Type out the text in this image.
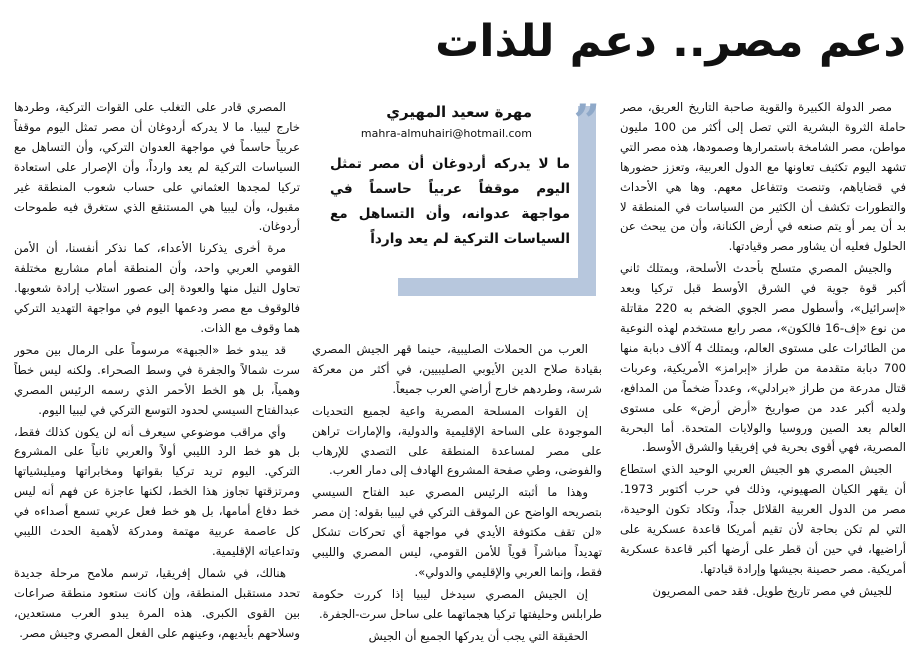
دعم مصر.. دعم للذات

مصر الدولة الكبيرة والقوية صاحبة التاريخ العريق، مصر حاملة الثروة البشرية التي تصل إلى أكثر من 100 مليون مواطن، مصر الشامخة باستمرارها وصمودها، هذه مصر التي تشهد اليوم تكثيف تعاونها مع الدول العربية، وتعزز حضورها في قضاياهم، وتنصت وتتفاعل معهم. وها هي الأحداث والتطورات تكشف أن الكثير من السياسات في المنطقة لا بد أن يمر أو يتم صنعه في أرض الكنانة، وأن من يبحث عن الحلول فعليه أن يشاور مصر وقيادتها.

والجيش المصري متسلح بأحدث الأسلحة، ويمتلك ثاني أكبر قوة جوية في الشرق الأوسط قبل تركيا وبعد «إسرائيل»، وأسطول مصر الجوي الضخم به 220 مقاتلة من نوع «إف-16 فالكون»، مصر رابع مستخدم لهذه النوعية من الطائرات على مستوى العالم، ويمتلك 4 آلاف دبابة منها 700 دبابة متقدمة من طراز «إبرامز» الأمريكية، وعربات قتال مدرعة من طراز «برادلي»، وعدداً ضخماً من المدافع، ولديه أكبر عدد من صواريخ «أرض أرض» على مستوى العالم بعد الصين وروسيا والولايات المتحدة. أما البحرية المصرية، فهي أقوى بحرية في إفريقيا والشرق الأوسط.

الجيش المصري هو الجيش العربي الوحيد الذي استطاع أن يقهر الكيان الصهيوني، وذلك في حرب أكتوبر 1973. مصر من الدول العربية القلائل جداً، وتكاد تكون الوحيدة، التي لم تكن بحاجة لأن تقيم أمريكا قاعدة عسكرية على أراضيها، في حين أن قطر على أرضها أكبر قاعدة عسكرية أمريكية. مصر حصينة بجيشها وإرادة قيادتها.

للجيش في مصر تاريخ طويل. فقد حمى المصريون

”
مهرة سعيد المهيري
mahra-almuhairi@hotmail.com

ما لا يدركه أردوغان أن مصر تمثل اليوم موقفاً عربياً حاسماً في مواجهة عدوانه، وأن التساهل مع السياسات التركية لم يعد وارداً

العرب من الحملات الصليبية، حينما قهر الجيش المصري بقيادة صلاح الدين الأيوبي الصليبيين، في أكثر من معركة شرسة، وطردهم خارج أراضي العرب جميعاً.

إن القوات المسلحة المصرية واعية لجميع التحديات الموجودة على الساحة الإقليمية والدولية، والإمارات تراهن على مصر لمساعدة المنطقة على التصدي للإرهاب والفوضى، وطي صفحة المشروع الهادف إلى دمار العرب.

وهذا ما أثبته الرئيس المصري عبد الفتاح السيسي بتصريحه الواضح عن الموقف التركي في ليبيا بقوله: إن مصر «لن تقف مكتوفة الأيدي في مواجهة أي تحركات تشكل تهديداً مباشراً قوياً للأمن القومي، ليس المصري والليبي فقط، وإنما العربي والإقليمي والدولي».

إن الجيش المصري سيدخل ليبيا إذا كررت حكومة طرابلس وحليفتها تركيا هجماتهما على ساحل سرت-الجفرة.

الحقيقة التي يجب أن يدركها الجميع أن الجيش

المصري قادر على التغلب على القوات التركية، وطردها خارج ليبيا. ما لا يدركه أردوغان أن مصر تمثل اليوم موقفاً عربياً حاسماً في مواجهة العدوان التركي، وأن التساهل مع السياسات التركية لم يعد وارداً، وأن الإصرار على استعادة تركيا لمجدها العثماني على حساب شعوب المنطقة غير مقبول، وأن ليبيا هي المستنقع الذي ستغرق فيه طموحات أردوغان.

مرة أخرى يذكرنا الأعداء، كما نذكر أنفسنا، أن الأمن القومي العربي واحد، وأن المنطقة أمام مشاريع مختلفة تحاول النيل منها والعودة إلى عصور استلاب إرادة شعوبها. فالوقوف مع مصر ودعمها اليوم في مواجهة التهديد التركي هما وقوف مع الذات.

قد يبدو خط «الجبهة» مرسوماً على الرمال بين محور سرت شمالاً والجفرة في وسط الصحراء. ولكنه ليس خطاً وهمياً، بل هو الخط الأحمر الذي رسمه الرئيس المصري عبدالفتاح السيسي لحدود التوسع التركي في ليبيا اليوم.

وأي مراقب موضوعي سيعرف أنه لن يكون كذلك فقط، بل هو خط الرد الليبي أولاً والعربي ثانياً على المشروع التركي. اليوم تريد تركيا بقواتها ومخابراتها وميليشياتها ومرتزقتها تجاوز هذا الخط، لكنها عاجزة عن فهم أنه ليس خط دفاع أمامها، بل هو خط فعل عربي تسمع أصداءه في كل عاصمة عربية مهتمة ومدركة لأهمية الحدث الليبي وتداعياته الإقليمية.

هنالك، في شمال إفريقيا، ترسم ملامح مرحلة جديدة تحدد مستقبل المنطقة، وإن كانت ستعود منطقة صراعات بين القوى الكبرى. هذه المرة يبدو العرب مستعدين، وسلاحهم بأيديهم، وعينهم على الفعل المصري وجيش مصر.
